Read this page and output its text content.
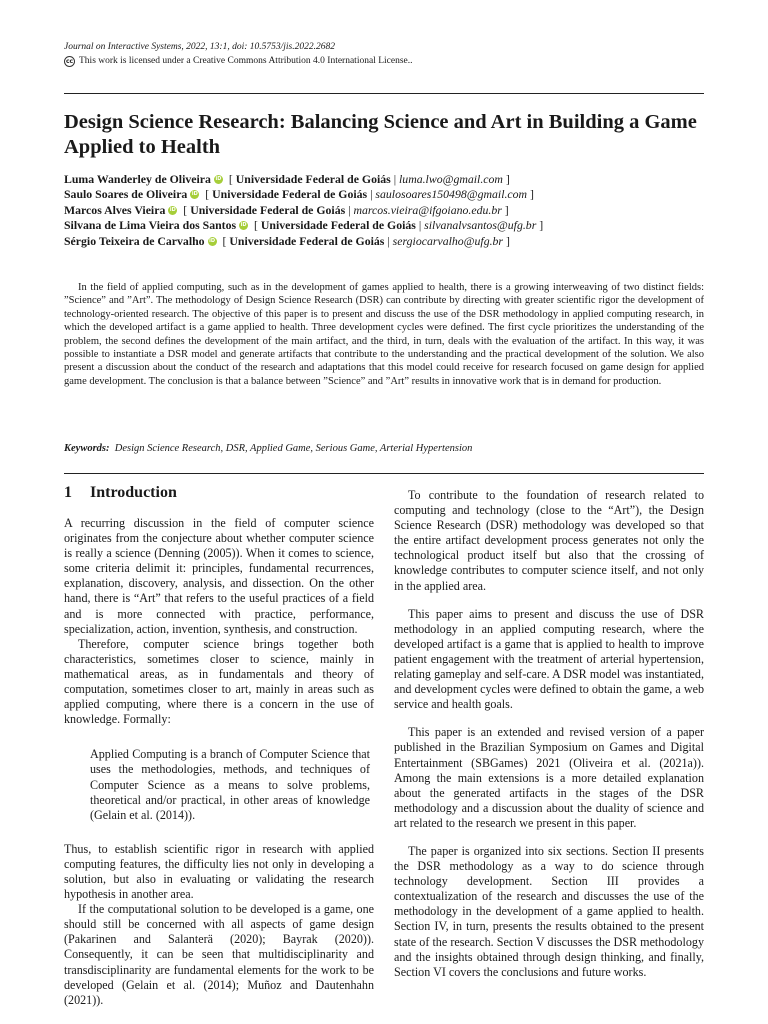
Journal on Interactive Systems, 2022, 13:1, doi: 10.5753/jis.2022.2682
cc This work is licensed under a Creative Commons Attribution 4.0 International License..
Design Science Research: Balancing Science and Art in Building a Game Applied to Health
Luma Wanderley de OliveiraiD [ Universidade Federal de Goiás | luma.lwo@gmail.com ]
Saulo Soares de OliveiraiD [ Universidade Federal de Goiás | saulosoares150498@gmail.com ]
Marcos Alves VieiraiD [ Universidade Federal de Goiás | marcos.vieira@ifgoiano.edu.br ]
Silvana de Lima Vieira dos SantosiD [ Universidade Federal de Goiás | silvanalvsantos@ufg.br ]
Sérgio Teixeira de CarvalhoiD [ Universidade Federal de Goiás | sergiocarvalho@ufg.br ]

In the field of applied computing, such as in the development of games applied to health, there is a growing interweaving of two distinct fields: ”Science” and ”Art”. The methodology of Design Science Research (DSR) can contribute by directing with greater scientific rigor the development of technology-oriented research. The objective of this paper is to present and discuss the use of the DSR methodology in applied computing research, in which the developed artifact is a game applied to health. Three development cycles were defined. The first cycle prioritizes the understanding of the problem, the second defines the development of the main artifact, and the third, in turn, deals with the evaluation of the artifact. In this way, it was possible to instantiate a DSR model and generate artifacts that contribute to the understanding and the practical development of the solution. We also present a discussion about the conduct of the research and adaptations that this model could receive for research focused on game design for applied game development. The conclusion is that a balance between ”Science” and ”Art” results in innovative work that is in demand for production.

Keywords: Design Science Research, DSR, Applied Game, Serious Game, Arterial Hypertension
1 Introduction

A recurring discussion in the field of computer science originates from the conjecture about whether computer science is really a science (Denning (2005)). When it comes to science, some criteria delimit it: principles, fundamental recurrences, explanation, discovery, analysis, and dissection. On the other hand, there is “Art” that refers to the useful practices of a field and is more connected with practice, performance, specialization, action, invention, synthesis, and construction.

Therefore, computer science brings together both characteristics, sometimes closer to science, mainly in mathematical areas, as in fundamentals and theory of computation, sometimes closer to art, mainly in areas such as applied computing, where there is a concern in the use of knowledge. Formally:

Applied Computing is a branch of Computer Science that uses the methodologies, methods, and techniques of Computer Science as a means to solve problems, theoretical and/or practical, in other areas of knowledge (Gelain et al. (2014)).

Thus, to establish scientific rigor in research with applied computing features, the difficulty lies not only in developing a solution, but also in evaluating or validating the research hypothesis in another area.

If the computational solution to be developed is a game, one should still be concerned with all aspects of game design (Pakarinen and Salanterä (2020); Bayrak (2020)). Consequently, it can be seen that multidisciplinarity and transdisciplinarity are fundamental elements for the work to be developed (Gelain et al. (2014); Muñoz and Dautenhahn (2021)).

To contribute to the foundation of research related to computing and technology (close to the “Art”), the Design Science Research (DSR) methodology was developed so that the entire artifact development process generates not only the technological product itself but also that the crossing of knowledge contributes to computer science itself, and not only in the applied area.

This paper aims to present and discuss the use of DSR methodology in an applied computing research, where the developed artifact is a game that is applied to health to improve patient engagement with the treatment of arterial hypertension, relating gameplay and self-care. A DSR model was instantiated, and development cycles were defined to obtain the game, a web service and health goals.

This paper is an extended and revised version of a paper published in the Brazilian Symposium on Games and Digital Entertainment (SBGames) 2021 (Oliveira et al. (2021a)). Among the main extensions is a more detailed explanation about the generated artifacts in the stages of the DSR methodology and a discussion about the duality of science and art related to the research we present in this paper.

The paper is organized into six sections. Section II presents the DSR methodology as a way to do science through technology development. Section III provides a contextualization of the research and discusses the use of the methodology in the development of a game applied to health. Section IV, in turn, presents the results obtained to the present state of the research. Section V discusses the DSR methodology and the insights obtained through design thinking, and finally, Section VI covers the conclusions and future works.
